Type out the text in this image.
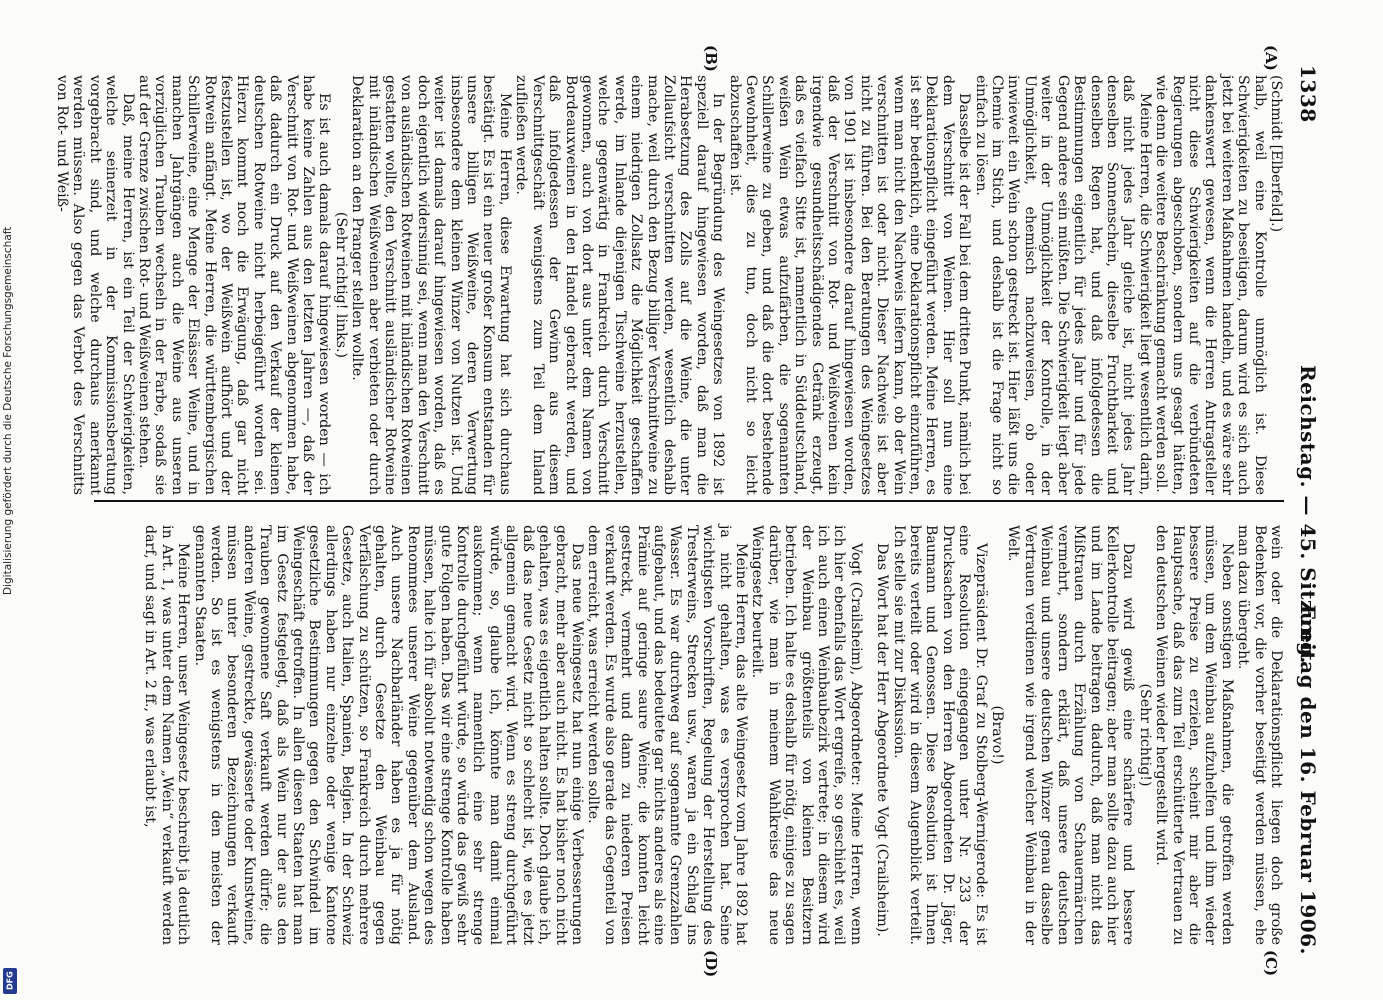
1338
Reichstag. — 45. Sitzung.
Freitag den 16. Februar 1906.
(A)
(B)
(C)
(D)

(Schmidt [Elberfeld].)

halb, weil eine Kontrolle unmöglich ist. Diese Schwierigkeiten zu beseitigen, darum wird es sich auch jetzt bei weiteren Maßnahmen handeln, und es wäre sehr dankenswert gewesen, wenn die Herren Antragsteller nicht diese Schwierigkeiten auf die verbündeten Regierungen abgeschoben, sondern uns gesagt hätten, wie denn die weitere Beschränkung gemacht werden soll.

Meine Herren, die Schwierigkeit liegt wesentlich darin, daß nicht jedes Jahr gleiche ist, nicht jedes Jahr denselben Sonnenschein, dieselbe Fruchtbarkeit und denselben Regen hat, und daß infolgedessen die Bestimmungen eigentlich für jedes Jahr und für jede Gegend andere sein müßten. Die Schwierigkeit liegt aber weiter in der Unmöglichkeit der Kontrolle, in der Unmöglichkeit, ehemisch nachzuweisen, ob oder inwieweit ein Wein schon gestreckt ist. Hier läßt uns die Chemie im Stich, und deshalb ist die Frage nicht so einfach zu lösen.

Dasselbe ist der Fall bei dem dritten Punkt, nämlich bei dem Verschnitt von Weinen. Hier soll nun eine Deklarationspflicht eingeführt werden. Meine Herren, es ist sehr bedenklich, eine Deklarationspflicht einzuführen, wenn man nicht den Nachweis liefern kann, ob der Wein verschnitten ist oder nicht. Dieser Nachweis ist aber nicht zu führen. Bei den Beratungen des Weingesetzes von 1901 ist insbesondere darauf hingewiesen worden, daß der Verschnitt von Rot- und Weißweinen kein irgendwie gesundheitsschädigendes Getränk erzeugt, daß es vielfach Sitte ist, namentlich in Süddeutschland, weißen Wein etwas aufzufärben, die sogenannten Schillerweine zu geben, und daß die dort bestehende Gewohnheit, dies zu tun, doch nicht so leicht abzuschaffen ist.

In der Begründung des Weingesetzes von 1892 ist speziell darauf hingewiesen worden, daß man die Herabsetzung des Zolls auf die Weine, die unter Zollaufsicht verschnitten werden, wesentlich deshalb mache, weil durch den Bezug billiger Verschnittweine zu einem niedrigen Zollsatz die Möglichkeit geschaffen werde, im Inlande diejenigen Tischweine herzustellen, welche gegenwärtig in Frankreich durch Verschnitt gewonnen, auch von dort aus unter dem Namen von Bordeauxweinen in den Handel gebracht werden, und daß infolgedessen der Gewinn aus diesem Verschnittgeschäft wenigstens zum Teil dem Inland zufließen werde.

Meine Herren, diese Erwartung hat sich durchaus bestätigt. Es ist ein neuer großer Konsum entstanden für unsere billigen Weißweine, deren Verwertung insbesondere dem kleinen Winzer von Nutzen ist. Und weiter ist damals darauf hingewiesen worden, daß es doch eigentlich widersinnig sei, wenn man den Verschnitt von ausländischen Rotweinen mit inländischen Rotweinen gestatten wollte, den Verschnitt ausländischer Rotweine mit inländischen Weißweinen aber verbieten oder durch Deklaration an den Pranger stellen wollte.

(Sehr richtig! links.)

Es ist auch damals darauf hingewiesen worden — ich habe keine Zahlen aus den letzten Jahren —, daß der Verschnitt von Rot- und Weißweinen abgenommen habe, daß dadurch ein Druck auf den Verkauf der kleinen deutschen Rotweine nicht herbeigeführt worden sei. Hierzu kommt noch die Erwägung, daß gar nicht festzustellen ist, wo der Weißwein aufhört und der Rotwein anfängt. Meine Herren, die württembergischen Schillerweine, eine Menge der Elsässer Weine, und in manchen Jahrgängen auch die Weine aus unseren vorzüglichen Trauben wechseln in der Farbe, sodaß sie auf der Grenze zwischen Rot- und Weißweinen stehen.

Daß, meine Herren, ist ein Teil der Schwierigkeiten, welche seinerzeit in der Kommissionsberatung vorgebracht sind, und welche durchaus anerkannt werden müssen. Also gegen das Verbot des Verschnitts von Rot- und Weiß-

wein oder die Deklarationspflicht liegen doch große Bedenken vor, die vorher beseitigt werden müssen, ehe man dazu übergeht.

Neben sonstigen Maßnahmen, die getroffen werden müssen, um dem Weinbau aufzuhelfen und ihm wieder bessere Preise zu erzielen, scheint mir aber die Hauptsache, daß das zum Teil erschütterte Vertrauen zu den deutschen Weinen wieder hergestellt wird.

(Sehr richtig!)

Dazu wird gewiß eine schärfere und bessere Kellerkontrolle beitragen; aber man sollte dazu auch hier und im Lande beitragen dadurch, daß man nicht das Mißtrauen durch Erzählung von Schauermärchen vermehrt, sondern erklärt, daß unsere deutschen Weinbau und unsere deutschen Winzer genau dasselbe Vertrauen verdienen wie irgend welcher Weinbau in der Welt.

(Bravo!)

Vizepräsident Dr. Graf zu Stolberg-Wernigerode: Es ist eine Resolution eingegangen unter Nr. 233 der Drucksachen von den Herren Abgeordneten Dr. Jäger, Baumann und Genossen. Diese Resolution ist Ihnen bereits verteilt oder wird in diesem Augenblick verteilt. Ich stelle sie mit zur Diskussion.

Das Wort hat der Herr Abgeordnete Vogt (Crailsheim).

Vogt (Crailsheim), Abgeordneter: Meine Herren, wenn ich hier ebenfalls das Wort ergreife, so geschieht es, weil ich auch einen Weinbaubezirk vertrete; in diesem wird der Weinbau größtenteils von kleinen Besitzern betrieben. Ich halte es deshalb für nötig, einiges zu sagen darüber, wie man in meinem Wahlkreise das neue Weingesetz beurteilt.

Meine Herren, das alte Weingesetz vom Jahre 1892 hat ja nicht gehalten, was es versprochen hat. Seine wichtigsten Vorschriften, Regelung der Herstellung des Tresterweins, Strecken usw., waren ja ein Schlag ins Wasser. Es war durchweg auf sogenannte Grenzzahlen aufgebaut, und das bedeutete gar nichts anderes als eine Prämie auf geringe saure Weine; die konnten leicht gestreckt, vermehrt und dann zu niederen Preisen verkauft werden. Es wurde also gerade das Gegenteil von dem erreicht, was erreicht werden sollte.

Das neue Weingesetz hat nun einige Verbesserungen gebracht, mehr aber auch nicht. Es hat bisher noch nicht gehalten, was es eigentlich halten sollte. Doch glaube ich, daß das neue Gesetz nicht so schlecht ist, wie es jetzt allgemein gemacht wird. Wenn es streng durchgeführt würde, so, glaube ich, könnte man damit einmal auskommen; wenn namentlich eine sehr strenge Kontrolle durchgeführt würde, so würde das gewiß sehr gute Folgen haben. Das wir eine strenge Kontrolle haben müssen, halte ich für absolut notwendig schon wegen des Renommees unserer Weine gegenüber dem Ausland. Auch unsere Nachbarländer haben es ja für nötig gehalten, durch Gesetze den Weinbau gegen Verfälschung zu schützen, so Frankreich durch mehrere Gesetze, auch Italien, Spanien, Belgien. In der Schweiz allerdings haben nur einzelne oder wenige Kantone gesetzliche Bestimmungen gegen den Schwindel im Weingeschäft getroffen. In allen diesen Staaten hat man im Gesetz festgelegt, daß als Wein nur der aus den Trauben gewonnene Saft verkauft werden dürfe; die anderen Weine, gestreckte, gewässerte oder Kunstweine, müssen unter besonderen Bezeichnungen verkauft werden. So ist es wenigstens in den meisten der genannten Staaten.

Meine Herren, unser Weingesetz beschreibt ja deutlich in Art. 1, was unter dem Namen „Wein“ verkauft werden darf, und sagt in Art. 2 ff., was erlaubt ist,

Digitalisierung gefördert durch die Deutsche Forschungsgemeinschaft
DFG
